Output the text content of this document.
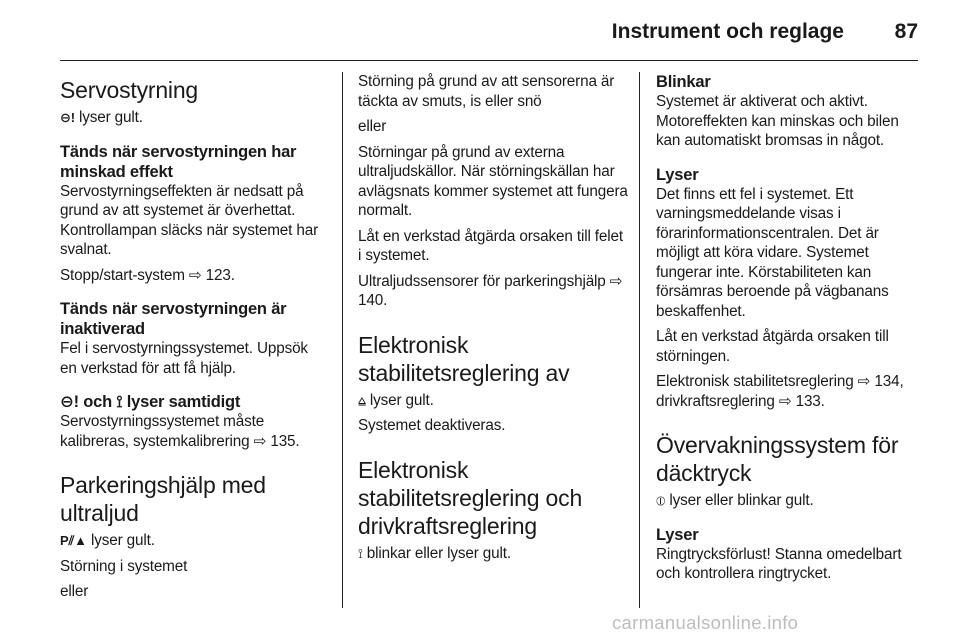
Instrument och reglage	87
Servostyrning

⊖! lyser gult.

Tänds när servostyrningen har minskad effekt

Servostyrningseffekten är nedsatt på grund av att systemet är överhettat. Kontrollampan släcks när systemet har svalnat.

Stopp/start-system ⇨ 123.

Tänds när servostyrningen är inaktiverad

Fel i servostyrningssystemet. Uppsök en verkstad för att få hjälp.

⊖! och ⟟ lyser samtidigt

Servostyrningssystemet måste kalibreras, systemkalibrering ⇨ 135.

Parkeringshjälp med ultraljud

P⫽▲ lyser gult.

Störning i systemet

eller

Störning på grund av att sensorerna är täckta av smuts, is eller snö

eller

Störningar på grund av externa ultraljudskällor. När störningskällan har avlägsnats kommer systemet att fungera normalt.

Låt en verkstad åtgärda orsaken till felet i systemet.

Ultraljudssensorer för parkeringshjälp ⇨ 140.

Elektronisk stabilitetsreglering av

⩠ lyser gult.

Systemet deaktiveras.

Elektronisk stabilitetsreglering och drivkraftsreglering

⟟ blinkar eller lyser gult.

Blinkar

Systemet är aktiverat och aktivt. Motoreffekten kan minskas och bilen kan automatiskt bromsas in något.

Lyser

Det finns ett fel i systemet. Ett varningsmeddelande visas i förarinformationscentralen. Det är möjligt att köra vidare. Systemet fungerar inte. Körstabiliteten kan försämras beroende på vägbanans beskaffenhet.

Låt en verkstad åtgärda orsaken till störningen.

Elektronisk stabilitetsreglering ⇨ 134, drivkraftsreglering ⇨ 133.

Övervakningssystem för däcktryck

⦶ lyser eller blinkar gult.

Lyser

Ringtrycksförlust! Stanna omedelbart och kontrollera ringtrycket.

carmanualsonline.info
